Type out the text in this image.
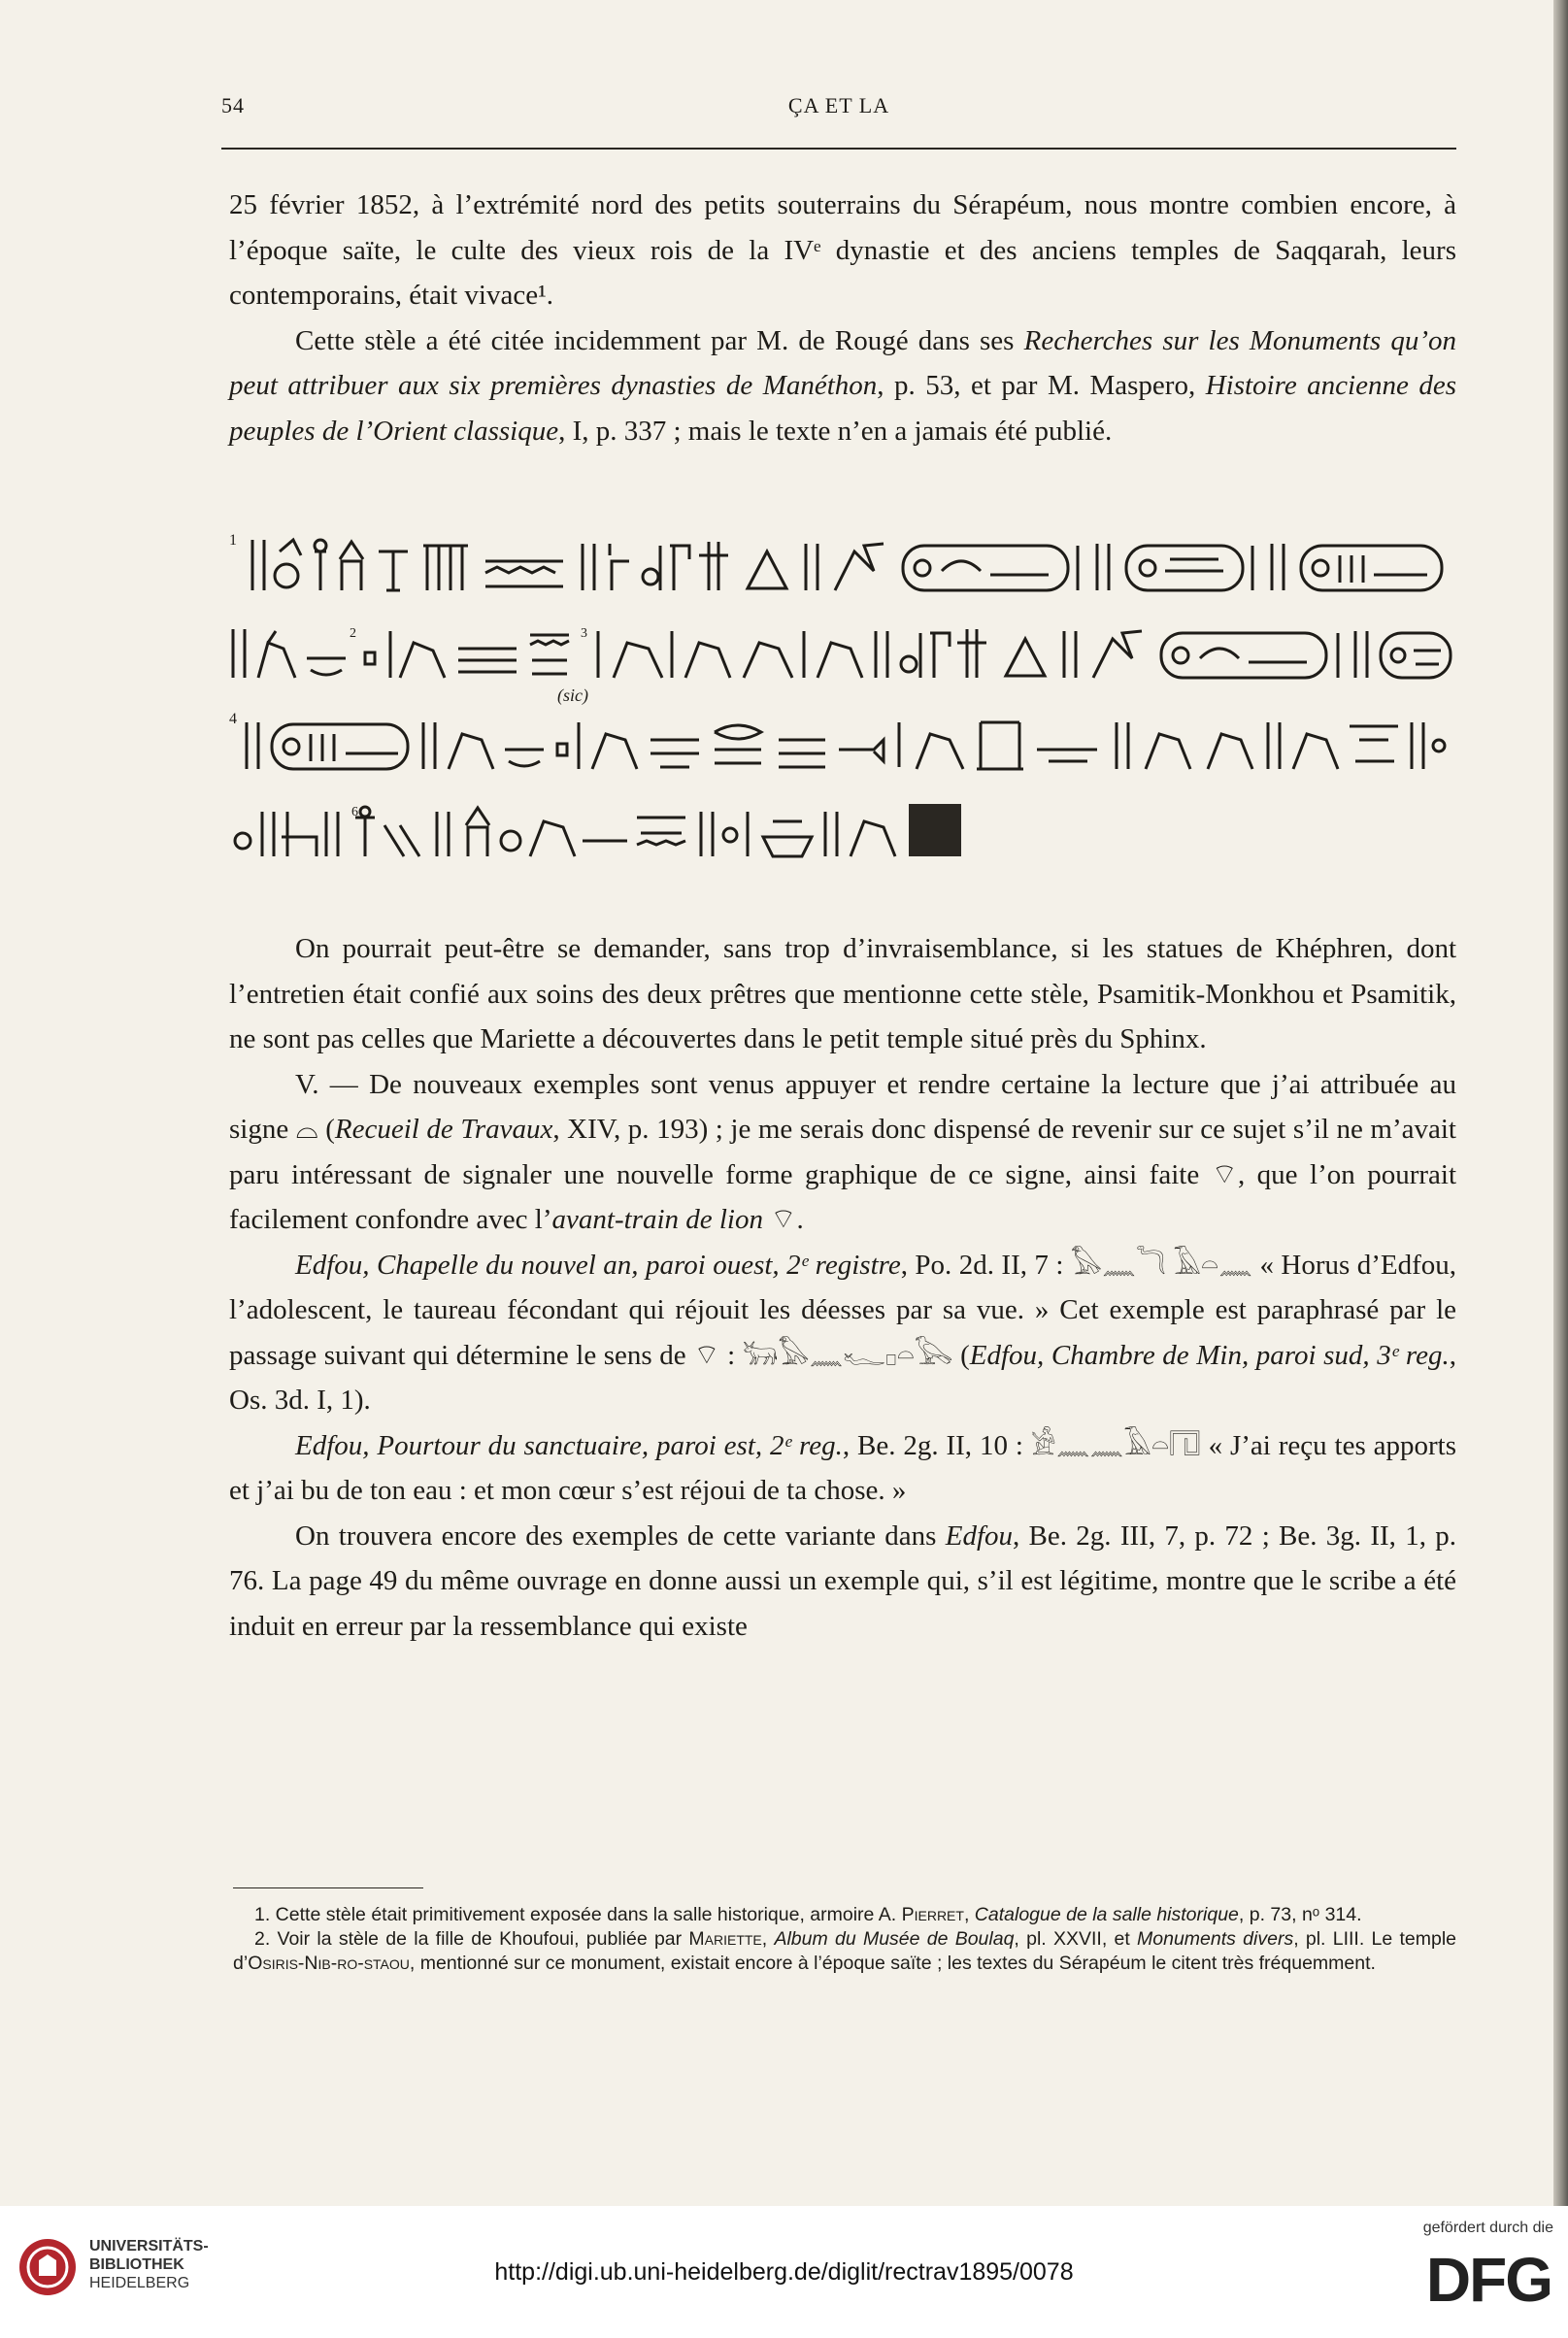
54	ÇA ET LA

25 février 1852, à l’extrémité nord des petits souterrains du Sérapéum, nous montre combien encore, à l’époque saïte, le culte des vieux rois de la IVᵉ dynastie et des anciens temples de Saqqarah, leurs contemporains, était vivace¹.

Cette stèle a été citée incidemment par M. de Rougé dans ses Recherches sur les Monuments qu’on peut attribuer aux six premières dynasties de Manéthon, p. 53, et par M. Maspero, Histoire ancienne des peuples de l’Orient classique, I, p. 337 ; mais le texte n’en a jamais été publié.

1
2	3
(sic)
4
6

On pourrait peut-être se demander, sans trop d’invraisemblance, si les statues de Khéphren, dont l’entretien était confié aux soins des deux prêtres que mentionne cette stèle, Psamitik-Monkhou et Psamitik, ne sont pas celles que Mariette a découvertes dans le petit temple situé près du Sphinx.

V. — De nouveaux exemples sont venus appuyer et rendre certaine la lecture que j’ai attribuée au signe ⌓ (Recueil de Travaux, XIV, p. 193) ; je me serais donc dispensé de revenir sur ce sujet s’il ne m’avait paru intéressant de signaler une nouvelle forme graphique de ce signe, ainsi faite ⌔, que l’on pourrait facilement confondre avec l’avant-train de lion ⌔.

Edfou, Chapelle du nouvel an, paroi ouest, 2ᵉ registre, Po. 2d. II, 7 : 𓅃𓈖𓆓 𓄿𓏏𓈖 « Horus d’Edfou, l’adolescent, le taureau fécondant qui réjouit les déesses par sa vue. » Cet exemple est paraphrasé par le passage suivant qui détermine le sens de ⌔ : 𓃒𓅃𓈖𓆑𓊪𓏏𓅂 (Edfou, Chambre de Min, paroi sud, 3ᵉ reg., Os. 3d. I, 1).

Edfou, Pourtour du sanctuaire, paroi est, 2ᵉ reg., Be. 2g. II, 10 : 𓀀𓈖𓈖𓄿𓏏𓉔 « J’ai reçu tes apports et j’ai bu de ton eau : et mon cœur s’est réjoui de ta chose. »

On trouvera encore des exemples de cette variante dans Edfou, Be. 2g. III, 7, p. 72 ; Be. 3g. II, 1, p. 76. La page 49 du même ouvrage en donne aussi un exemple qui, s’il est légitime, montre que le scribe a été induit en erreur par la ressemblance qui existe

1. Cette stèle était primitivement exposée dans la salle historique, armoire A. Pierret, Catalogue de la salle historique, p. 73, nᵒ 314.

2. Voir la stèle de la fille de Khoufoui, publiée par Mariette, Album du Musée de Boulaq, pl. XXVII, et Monuments divers, pl. LIII. Le temple d’Osiris-Nib-ro-staou, mentionné sur ce monument, existait encore à l’époque saïte ; les textes du Sérapéum le citent très fréquemment.

UNIVERSITÄTS-
BIBLIOTHEK
HEIDELBERG	http://digi.ub.uni-heidelberg.de/diglit/rectrav1895/0078
gefördert durch die
DFG
